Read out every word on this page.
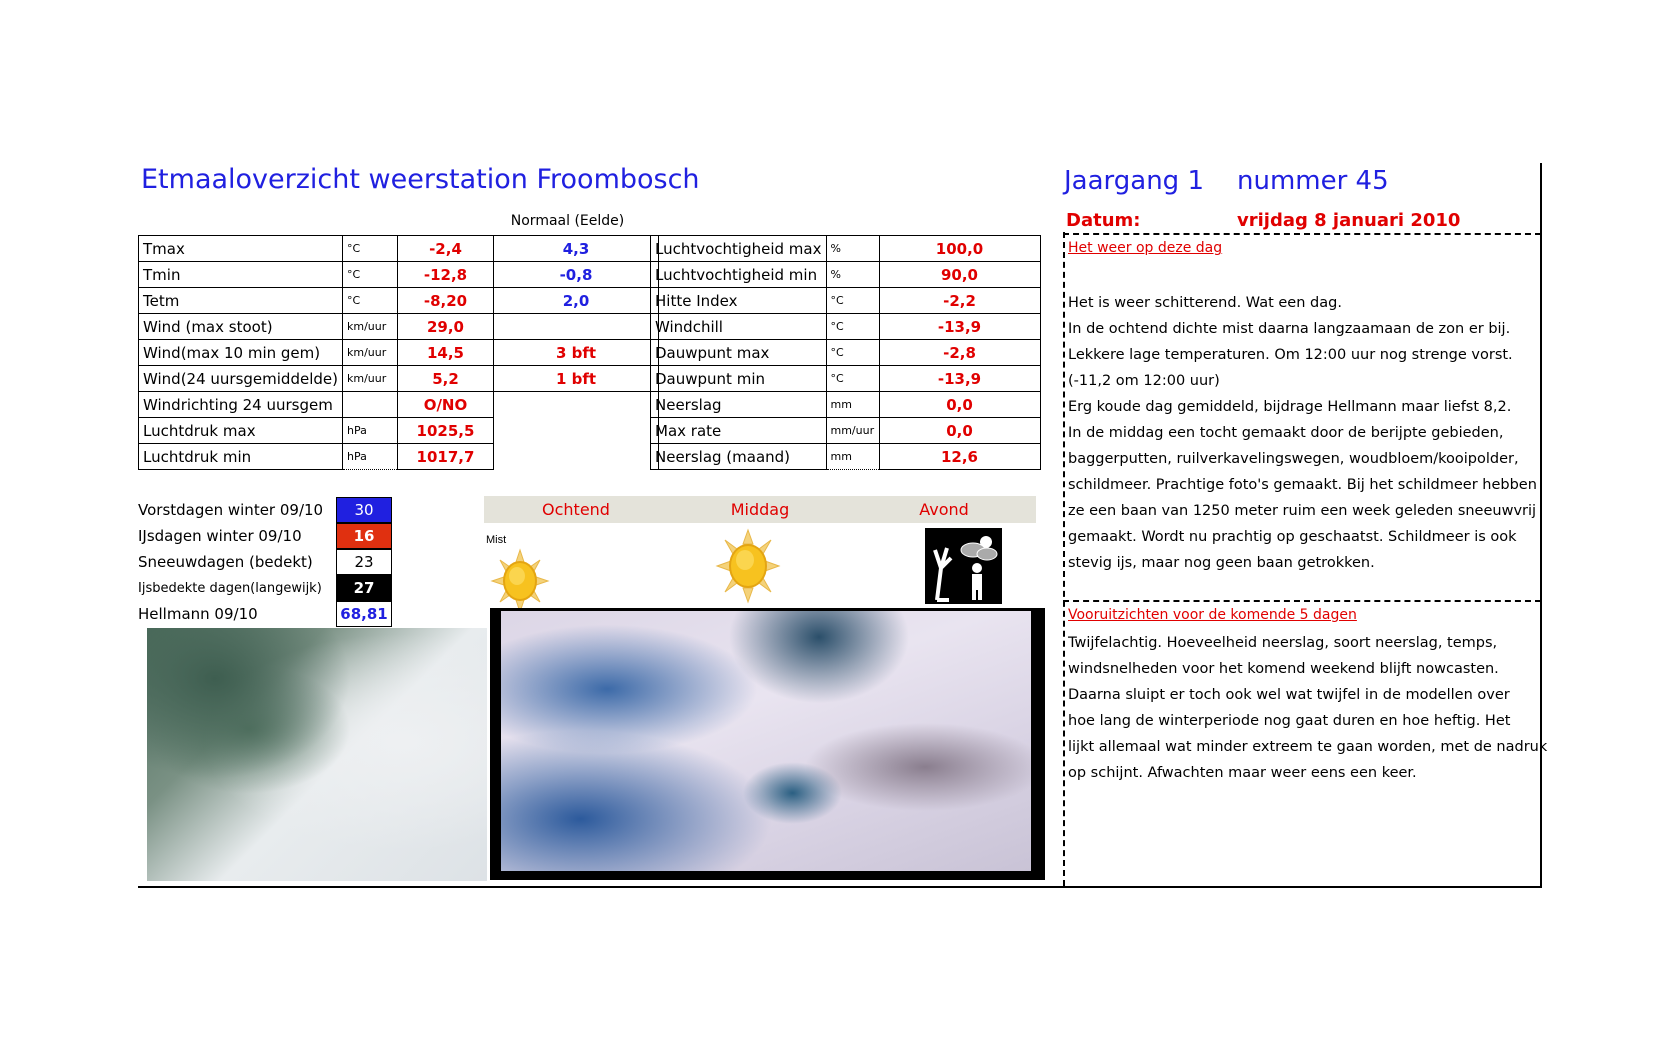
Etmaaloverzicht weerstation Froombosch
Normaal (Eelde)
Tmax	°C	-2,4	4,3
Tmin	°C	-12,8	-0,8
Tetm	°C	-8,20	2,0
Wind (max stoot)	km/uur	29,0	
Wind(max 10 min gem)	km/uur	14,5	3 bft
Wind(24 uursgemiddelde)	km/uur	5,2	1 bft
Windrichting 24 uursgem		O/NO	
Luchtdruk max	hPa	1025,5	
Luchtdruk min	hPa	1017,7	
Luchtvochtigheid max	%	100,0
Luchtvochtigheid min	%	90,0
Hitte Index	°C	-2,2
Windchill	°C	-13,9
Dauwpunt max	°C	-2,8
Dauwpunt min	°C	-13,9
Neerslag	mm	0,0
Max rate	mm/uur	0,0
Neerslag (maand)	mm	12,6
Vorstdagen winter 09/10	30
IJsdagen winter 09/10	16
Sneeuwdagen (bedekt)	23
Ijsbedekte dagen(langewijk)	27
Hellmann 09/10	68,81
Ochtend	Middag	Avond
Mist
Jaargang 1 nummer 45
Datum:	vrijdag 8 januari 2010
Het weer op deze dag
Het is weer schitterend. Wat een dag.
In de ochtend dichte mist daarna langzaamaan de zon er bij.
Lekkere lage temperaturen. Om 12:00 uur nog strenge vorst.
(-11,2 om 12:00 uur)
Erg koude dag gemiddeld, bijdrage Hellmann maar liefst 8,2.
In de middag een tocht gemaakt door de berijpte gebieden,
baggerputten, ruilverkavelingswegen, woudbloem/kooipolder,
schildmeer. Prachtige foto's gemaakt. Bij het schildmeer hebben
ze een baan van 1250 meter ruim een week geleden sneeuwvrij
gemaakt. Wordt nu prachtig op geschaatst. Schildmeer is ook
stevig ijs, maar nog geen baan getrokken.
Vooruitzichten voor de komende 5 dagen
Twijfelachtig. Hoeveelheid neerslag, soort neerslag, temps,
windsnelheden voor het komend weekend blijft nowcasten.
Daarna sluipt er toch ook wel wat twijfel in de modellen over
hoe lang de winterperiode nog gaat duren en hoe heftig. Het
lijkt allemaal wat minder extreem te gaan worden, met de nadruk
op schijnt. Afwachten maar weer eens een keer.
